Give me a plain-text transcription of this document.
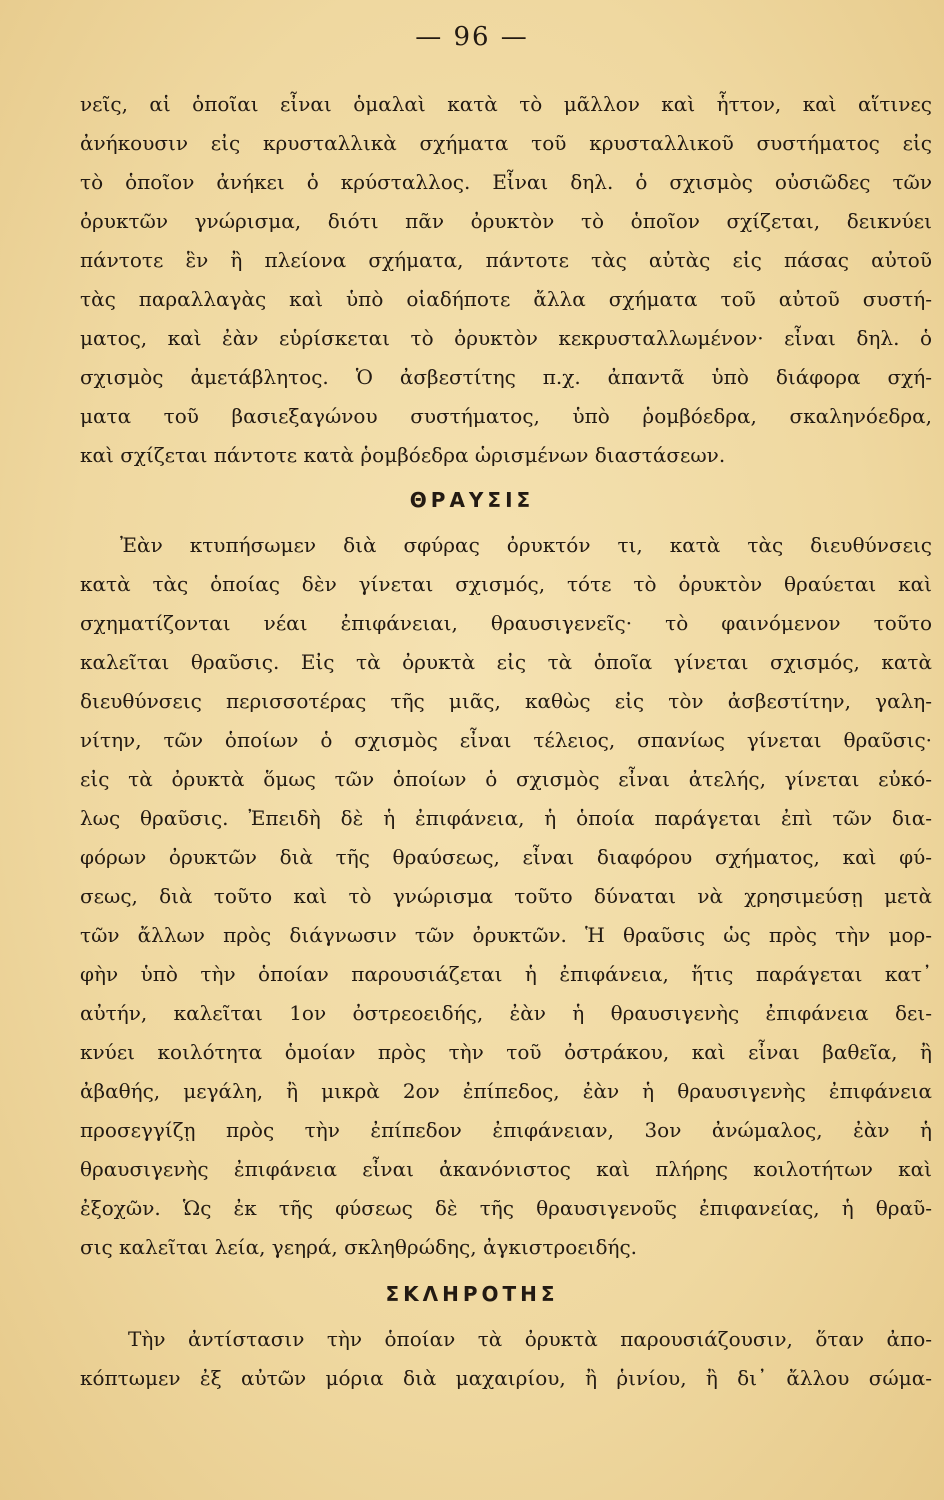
— 96 —
νεῖς, αἱ ὁποῖαι εἶναι ὁμαλαὶ κατὰ τὸ μᾶλλον καὶ ἧττον, καὶ αἵτινες
ἀνήκουσιν εἰς κρυσταλλικὰ σχήματα τοῦ κρυσταλλικοῦ συστήματος εἰς
τὸ ὁποῖον ἀνήκει ὁ κρύσταλλος. Εἶναι δηλ. ὁ σχισμὸς οὐσιῶδες τῶν
ὀρυκτῶν γνώρισμα, διότι πᾶν ὀρυκτὸν τὸ ὁποῖον σχίζεται, δεικνύει
πάντοτε ἓν ἢ πλείονα σχήματα, πάντοτε τὰς αὐτὰς εἰς πάσας αὐτοῦ
τὰς παραλλαγὰς καὶ ὑπὸ οἱαδήποτε ἄλλα σχήματα τοῦ αὐτοῦ συστή-
ματος, καὶ ἐὰν εὑρίσκεται τὸ ὀρυκτὸν κεκρυσταλλωμένον· εἶναι δηλ. ὁ
σχισμὸς ἀμετάβλητος. Ὁ ἀσβεστίτης π.χ. ἀπαντᾶ ὑπὸ διάφορα σχή-
ματα τοῦ βασιεξαγώνου συστήματος, ὑπὸ ῥομβόεδρα, σκαληνόεδρα,
καὶ σχίζεται πάντοτε κατὰ ῥομβόεδρα ὡρισμένων διαστάσεων.
ΘΡΑΥΣΙΣ
Ἐὰν κτυπήσωμεν διὰ σφύρας ὀρυκτόν τι, κατὰ τὰς διευθύνσεις
κατὰ τὰς ὁποίας δὲν γίνεται σχισμός, τότε τὸ ὀρυκτὸν θραύεται καὶ
σχηματίζονται νέαι ἐπιφάνειαι, θραυσιγενεῖς· τὸ φαινόμενον τοῦτο
καλεῖται θραῦσις. Εἰς τὰ ὀρυκτὰ εἰς τὰ ὁποῖα γίνεται σχισμός, κατὰ
διευθύνσεις περισσοτέρας τῆς μιᾶς, καθὼς εἰς τὸν ἀσβεστίτην, γαλη-
νίτην, τῶν ὁποίων ὁ σχισμὸς εἶναι τέλειος, σπανίως γίνεται θραῦσις·
εἰς τὰ ὀρυκτὰ ὅμως τῶν ὁποίων ὁ σχισμὸς εἶναι ἀτελής, γίνεται εὐκό-
λως θραῦσις. Ἐπειδὴ δὲ ἡ ἐπιφάνεια, ἡ ὁποία παράγεται ἐπὶ τῶν δια-
φόρων ὀρυκτῶν διὰ τῆς θραύσεως, εἶναι διαφόρου σχήματος, καὶ φύ-
σεως, διὰ τοῦτο καὶ τὸ γνώρισμα τοῦτο δύναται νὰ χρησιμεύσῃ μετὰ
τῶν ἄλλων πρὸς διάγνωσιν τῶν ὀρυκτῶν. Ἡ θραῦσις ὡς πρὸς τὴν μορ-
φὴν ὑπὸ τὴν ὁποίαν παρουσιάζεται ἡ ἐπιφάνεια, ἥτις παράγεται κατ᾿
αὐτήν, καλεῖται 1ον ὀστρεοειδής, ἐὰν ἡ θραυσιγενὴς ἐπιφάνεια δει-
κνύει κοιλότητα ὁμοίαν πρὸς τὴν τοῦ ὀστράκου, καὶ εἶναι βαθεῖα, ἢ
ἀβαθής, μεγάλη, ἢ μικρὰ 2ον ἐπίπεδος, ἐὰν ἡ θραυσιγενὴς ἐπιφάνεια
προσεγγίζῃ πρὸς τὴν ἐπίπεδον ἐπιφάνειαν, 3ον ἀνώμαλος, ἐὰν ἡ
θραυσιγενὴς ἐπιφάνεια εἶναι ἀκανόνιστος καὶ πλήρης κοιλοτήτων καὶ
ἐξοχῶν. Ὡς ἐκ τῆς φύσεως δὲ τῆς θραυσιγενοῦς ἐπιφανείας, ἡ θραῦ-
σις καλεῖται λεία, γεηρά, σκληθρώδης, ἀγκιστροειδής.
ΣΚΛΗΡΟΤΗΣ
Τὴν ἀντίστασιν τὴν ὁποίαν τὰ ὀρυκτὰ παρουσιάζουσιν, ὅταν ἀπο-
κόπτωμεν ἐξ αὐτῶν μόρια διὰ μαχαιρίου, ἢ ῥινίου, ἢ δι᾿ ἄλλου σώμα-
